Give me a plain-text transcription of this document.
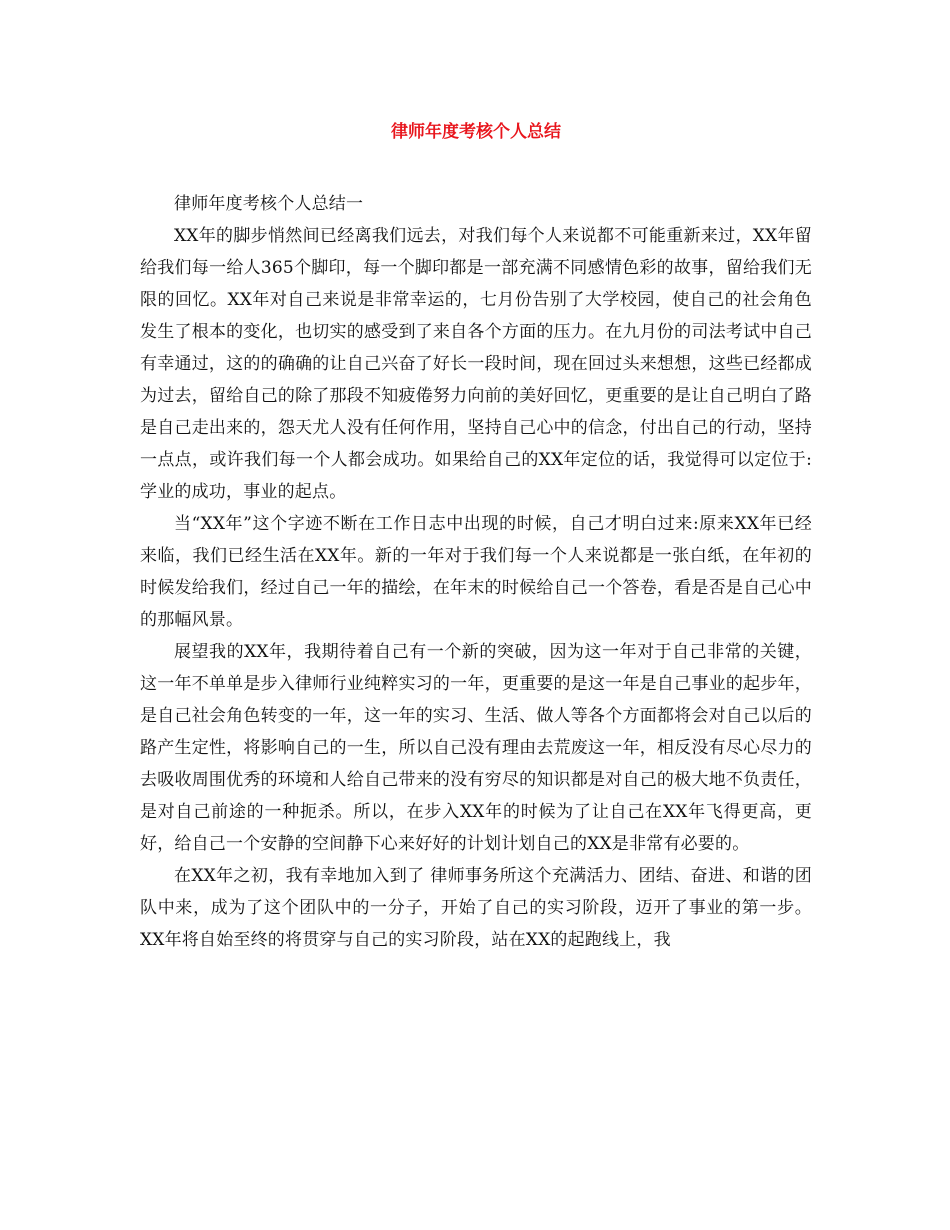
律师年度考核个人总结

律师年度考核个人总结一

XX年的脚步悄然间已经离我们远去，对我们每个人来说都不可能重新来过，XX年留给我们每一给人365个脚印，每一个脚印都是一部充满不同感情色彩的故事，留给我们无限的回忆。XX年对自己来说是非常幸运的，七月份告别了大学校园，使自己的社会角色发生了根本的变化，也切实的感受到了来自各个方面的压力。在九月份的司法考试中自己有幸通过，这的的确确的让自己兴奋了好长一段时间，现在回过头来想想，这些已经都成为过去，留给自己的除了那段不知疲倦努力向前的美好回忆，更重要的是让自己明白了路是自己走出来的，怨天尤人没有任何作用，坚持自己心中的信念，付出自己的行动，坚持一点点，或许我们每一个人都会成功。如果给自己的XX年定位的话，我觉得可以定位于:学业的成功，事业的起点。

当“XX年”这个字迹不断在工作日志中出现的时候，自己才明白过来:原来XX年已经来临，我们已经生活在XX年。新的一年对于我们每一个人来说都是一张白纸，在年初的时候发给我们，经过自己一年的描绘，在年末的时候给自己一个答卷，看是否是自己心中的那幅风景。

展望我的XX年，我期待着自己有一个新的突破，因为这一年对于自己非常的关键，这一年不单单是步入律师行业纯粹实习的一年，更重要的是这一年是自己事业的起步年，是自己社会角色转变的一年，这一年的实习、生活、做人等各个方面都将会对自己以后的路产生定性，将影响自己的一生，所以自己没有理由去荒废这一年，相反没有尽心尽力的去吸收周围优秀的环境和人给自己带来的没有穷尽的知识都是对自己的极大地不负责任，是对自己前途的一种扼杀。所以，在步入XX年的时候为了让自己在XX年飞得更高，更好，给自己一个安静的空间静下心来好好的计划计划自己的XX是非常有必要的。

在XX年之初，我有幸地加入到了 律师事务所这个充满活力、团结、奋进、和谐的团队中来，成为了这个团队中的一分子，开始了自己的实习阶段，迈开了事业的第一步。XX年将自始至终的将贯穿与自己的实习阶段，站在XX的起跑线上，我
